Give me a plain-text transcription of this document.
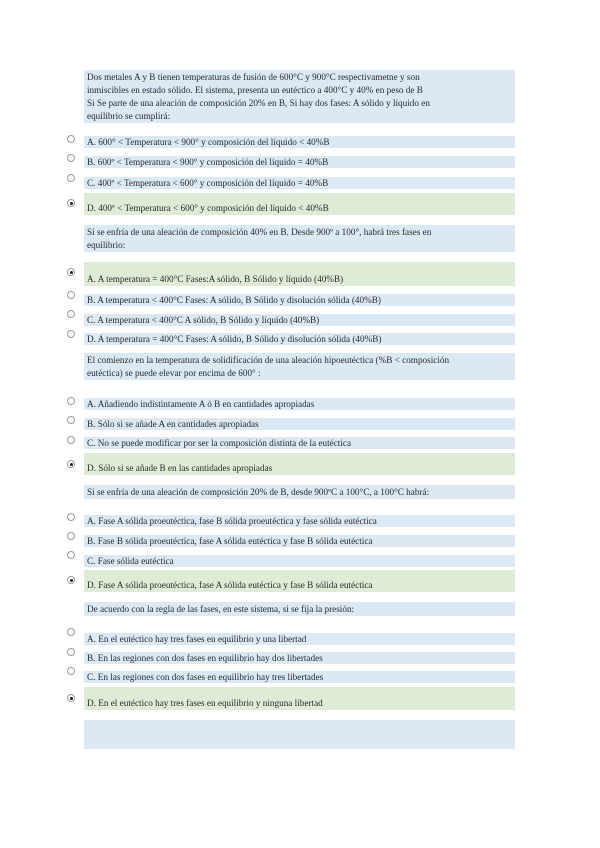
Dos metales A y B tienen temperaturas de fusión de 600°C y 900°C respectivametne y son
inmiscibles en estado sólido. El sistema, presenta un eutéctico a 400°C y 40% en peso de B
Si Se parte de una aleación de composición 20% en B, Si hay dos fases: A sólido y líquido en
equilibrio se cumplirá:
A. 600° < Temperatura < 900° y composición del líquido < 40%B
B. 600º < Temperatura < 900° y composición del líquido = 40%B
C. 400º < Temperatura < 600° y composición del líquido = 40%B
D. 400º < Temperatura < 600° y composición del líquido < 40%B
Si se enfría de una aleación de composición 40% en B. Desde 900º a 100°, habrá tres fases en
equilibrio:
A. A temperatura = 400°C Fases:A sólido, B Sólido y líquido (40%B)
B. A temperatura < 400°C Fases: A sólido, B Sólido y disolución sólida (40%B)
C. A temperatura < 400°C A sólido, B Sólido y líquido (40%B)
D. A temperatura = 400°C Fases: A sólido, B Sólido y disolución sólida (40%B)
El comienzo en la temperatura de solidificación de una aleación hipoeutéctica (%B < composición
eutéctica) se puede elevar por encima de 600° :
A. Añadiendo indistintamente A ó B en cantidades apropiadas
B. Sólo si se añade A en cantidades apropiadas
C. No se puede modificar por ser la composición distinta de la eutéctica
D. Sólo si se añade B en las cantidades apropiadas
Si se enfría de una aleación de composición 20% de B, desde 900ºC a 100°C, a 100°C habrá:
A. Fase A sólida proeutéctica, fase B sólida proeutéctica y fase sólida eutéctica
B. Fase B sólida proeutéctica, fase A sólida eutéctica y fase B sólida eutéctica
C. Fase sólida eutéctica
D. Fase A sólida proeutéctica, fase A sólida eutéctica y fase B sólida eutéctica
De acuerdo con la regla de las fases, en este sistema, si se fija la presión:
A. En el eutéctico hay tres fases en equilibrio y una libertad
B. En las regiones con dos fases en equilibrio hay dos libertades
C. En las regiones con dos fases en equilibrio hay tres libertades
D. En el eutéctico hay tres fases en equilibrio y ninguna libertad
